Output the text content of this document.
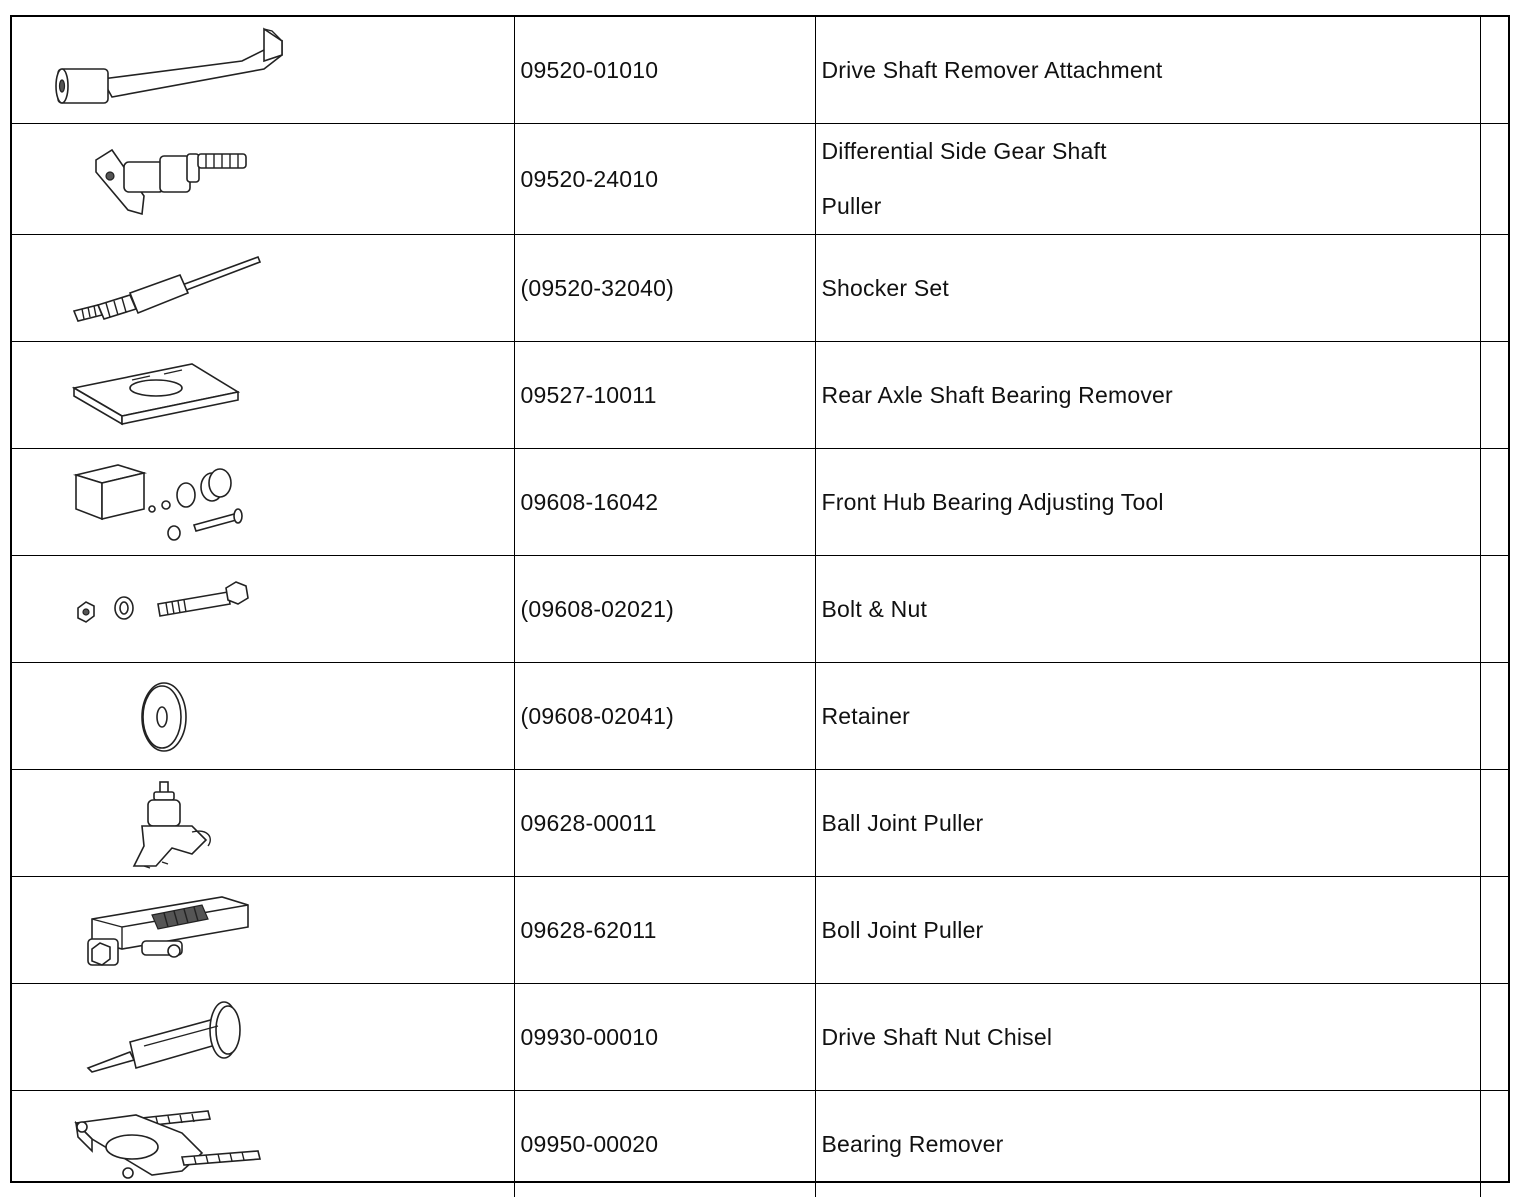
	09520-01010	Drive Shaft Remover Attachment	

	09520-24010	Differential Side Gear Shaft
Puller	

	(09520-32040)	Shocker Set	

	09527-10011	Rear Axle Shaft Bearing Remover	

	09608-16042	Front Hub Bearing Adjusting Tool	

	(09608-02021)	Bolt & Nut	

	(09608-02041)	Retainer	

	09628-00011	Ball Joint Puller	

	09628-62011	Boll Joint Puller	

	09930-00010	Drive Shaft Nut Chisel	

	09950-00020	Bearing Remover	
